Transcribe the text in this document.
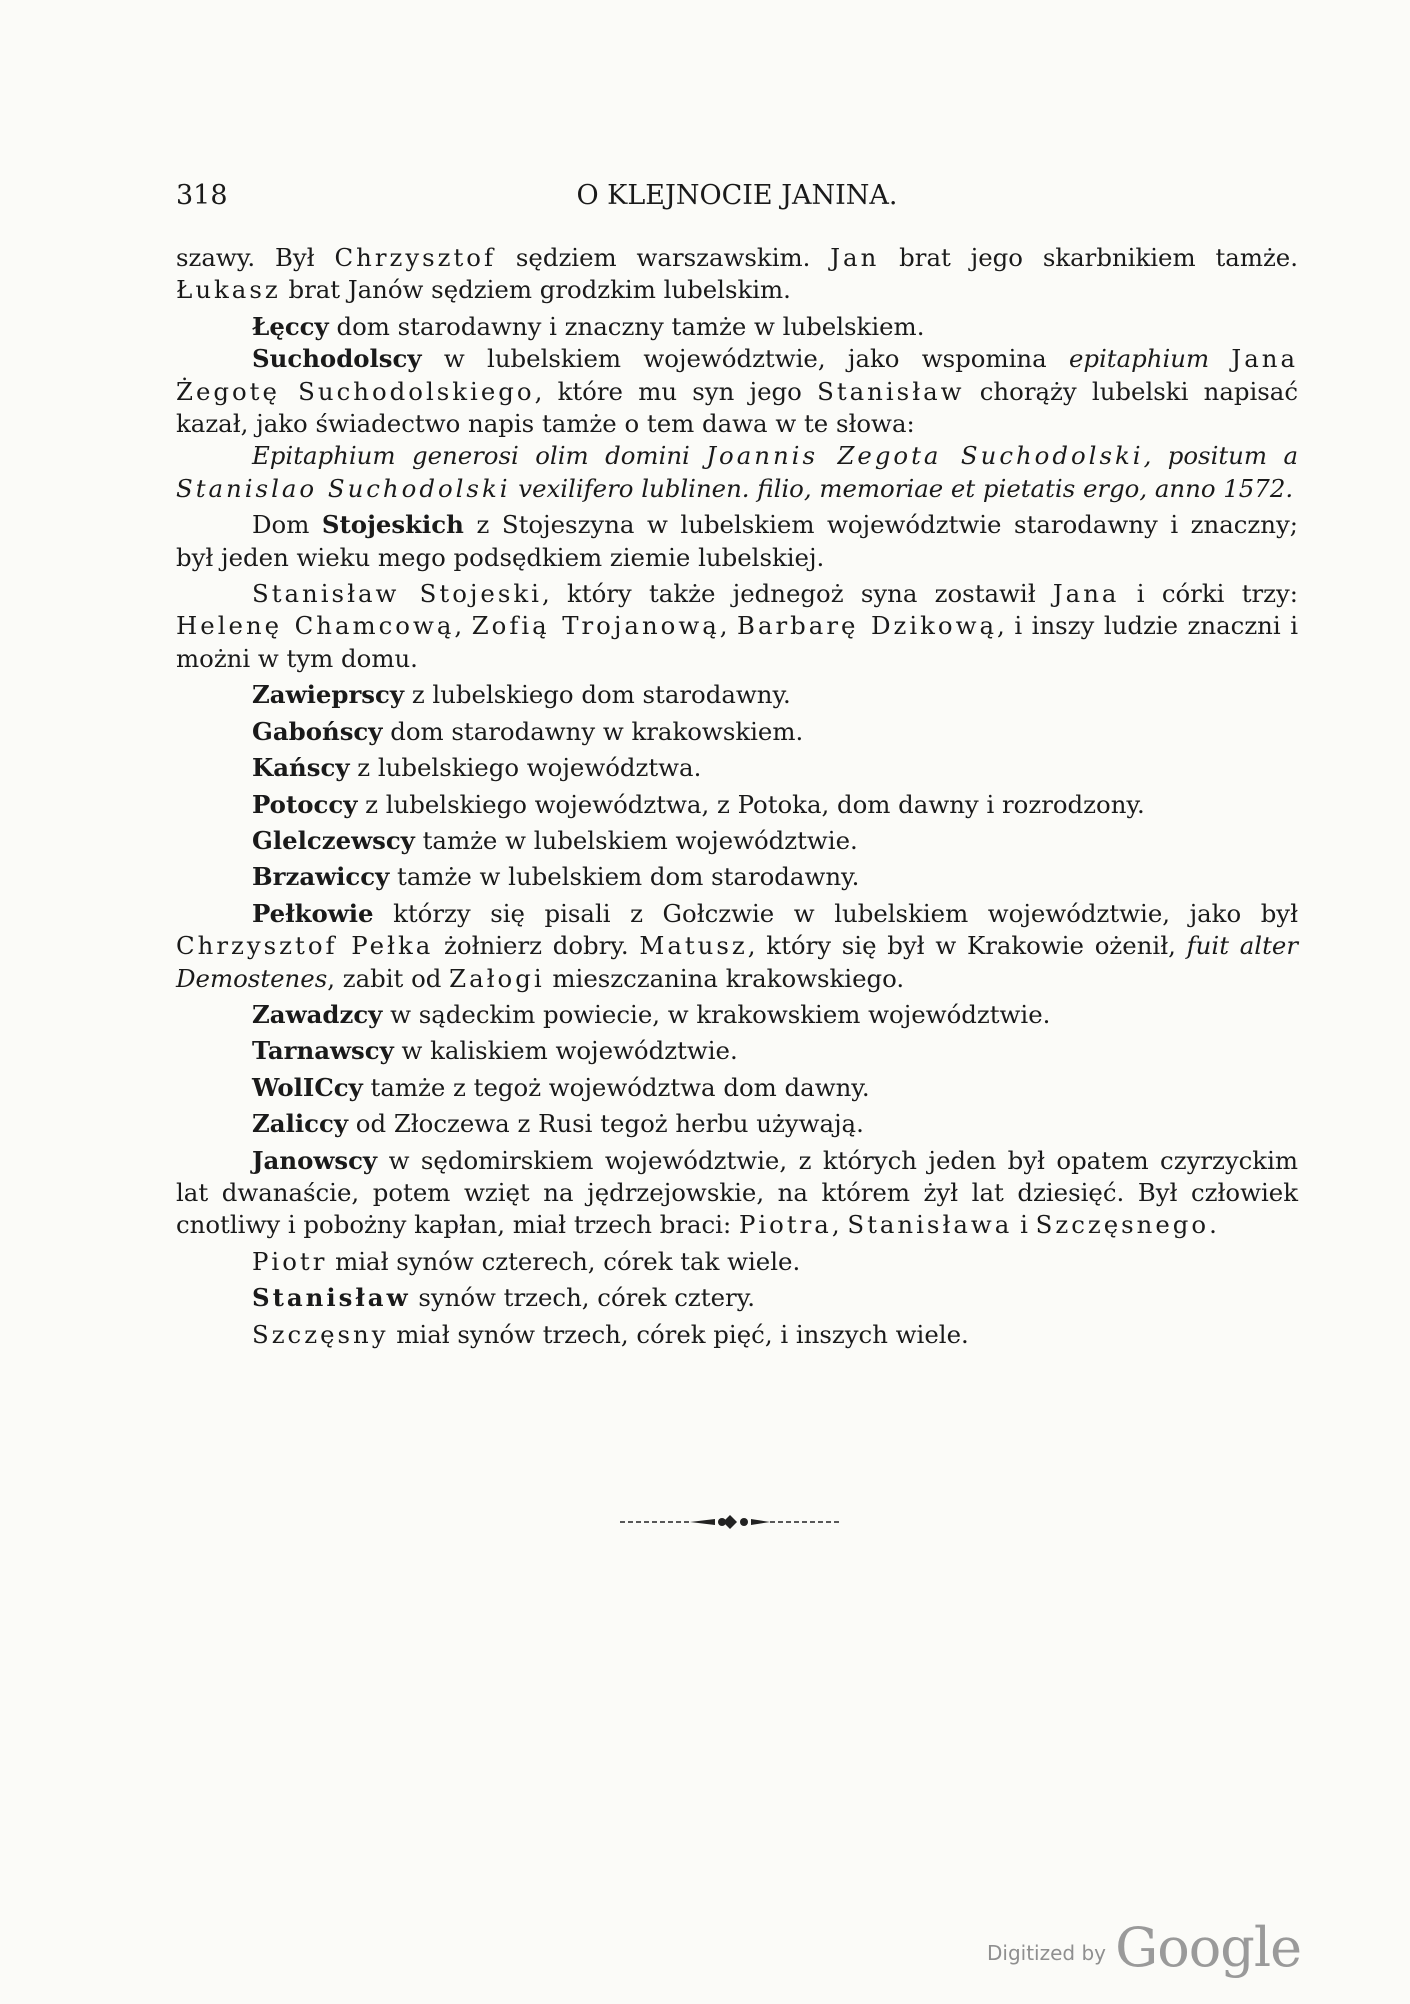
318	O KLEJNOCIE JANINA.

szawy. Był Chrzysztof sędziem warszawskim. Jan brat jego skarbnikiem tamże. Łukasz brat Janów sędziem grodzkim lubelskim.

Łęccy dom starodawny i znaczny tamże w lubelskiem.

Suchodolscy w lubelskiem województwie, jako wspomina epitaphium Jana Żegotę Suchodolskiego, które mu syn jego Stanisław chorąży lubelski napisać kazał, jako świadectwo napis tamże o tem dawa w te słowa:

Epitaphium generosi olim domini Joannis Zegota Suchodolski, positum a Stanislao Suchodolski vexilifero lublinen. filio, memoriae et pietatis ergo, anno 1572.

Dom Stojeskich z Stojeszyna w lubelskiem województwie starodawny i znaczny; był jeden wieku mego podsędkiem ziemie lubelskiej.

Stanisław Stojeski, który także jednegoż syna zostawił Jana i córki trzy: Helenę Chamcową, Zofią Trojanową, Barbarę Dzikową, i inszy ludzie znaczni i możni w tym domu.

Zawieprscy z lubelskiego dom starodawny.

Gabońscy dom starodawny w krakowskiem.

Kańscy z lubelskiego województwa.

Potoccy z lubelskiego województwa, z Potoka, dom dawny i rozrodzony.

Glelczewscy tamże w lubelskiem województwie.

Brzawiccy tamże w lubelskiem dom starodawny.

Pełkowie którzy się pisali z Gołczwie w lubelskiem województwie, jako był Chrzysztof Pełka żołnierz dobry. Matusz, który się był w Krakowie ożenił, fuit alter Demostenes, zabit od Załogi mieszczanina krakowskiego.

Zawadzcy w sądeckim powiecie, w krakowskiem województwie.

Tarnawscy w kaliskiem województwie.

WolICcy tamże z tegoż województwa dom dawny.

Zaliccy od Złoczewa z Rusi tegoż herbu używają.

Janowscy w sędomirskiem województwie, z których jeden był opatem czyrzyckim lat dwanaście, potem wzięt na jędrzejowskie, na którem żył lat dziesięć. Był człowiek cnotliwy i pobożny kapłan, miał trzech braci: Piotra, Stanisława i Szczęsnego.

Piotr miał synów czterech, córek tak wiele.

Stanisław synów trzech, córek cztery.

Szczęsny miał synów trzech, córek pięć, i inszych wiele.

Digitized by Google
